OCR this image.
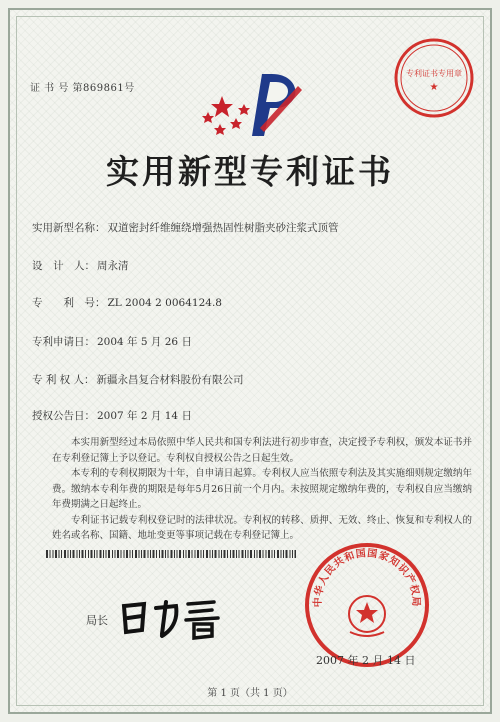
证 书 号 第869861号
专利证书专用章
★
实用新型专利证书
实用新型名称： 双道密封纤维缠绕增强热固性树脂夹砂注浆式顶管
设　计　人： 周永清
专　　利　号： ZL 2004 2 0064124.8
专利申请日： 2004 年 5 月 26 日
专 利 权 人： 新疆永昌复合材料股份有限公司
授权公告日： 2007 年 2 月 14 日

本实用新型经过本局依照中华人民共和国专利法进行初步审查，决定授予专利权，颁发本证书并在专利登记簿上予以登记。专利权自授权公告之日起生效。

本专利的专利权期限为十年，自申请日起算。专利权人应当依照专利法及其实施细则规定缴纳年费。缴纳本专利年费的期限是每年5月26日前一个月内。未按照规定缴纳年费的，专利权自应当缴纳年费期满之日起终止。

专利证书记载专利权登记时的法律状况。专利权的转移、质押、无效、终止、恢复和专利权人的姓名或名称、国籍、地址变更等事项记载在专利登记簿上。

局长
中华人民共和国国家知识产权局
2007 年 2 月 14 日
第 1 页（共 1 页）
